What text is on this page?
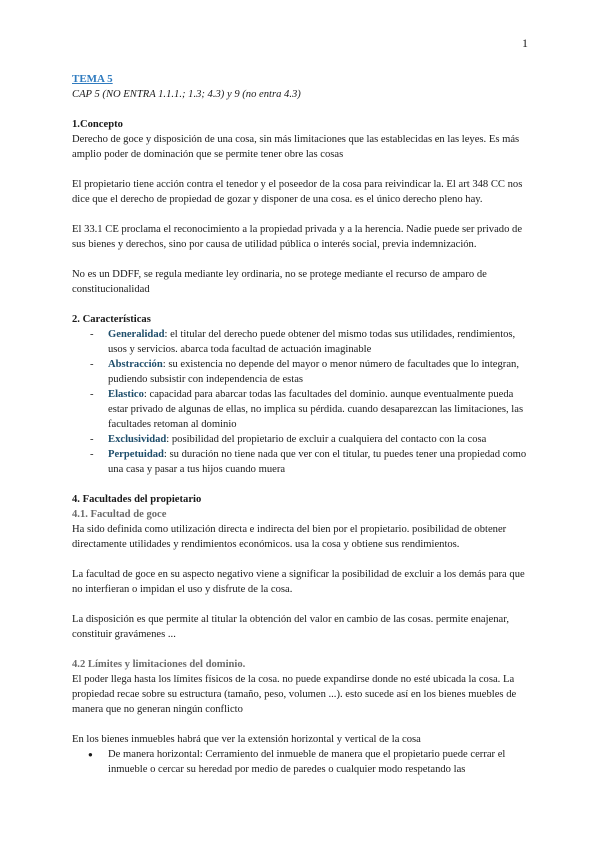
1

TEMA 5

CAP 5 (NO ENTRA 1.1.1.; 1.3; 4.3) y 9 (no entra 4.3)

1.Concepto

Derecho de goce y disposición de una cosa, sin más limitaciones que las establecidas en las leyes. Es más amplio poder de dominación que se permite tener obre las cosas

El propietario tiene acción contra el tenedor y el poseedor de la cosa para reivindicar la. El art 348 CC nos dice que el derecho de propiedad de gozar y disponer de una cosa. es el único derecho pleno hay.

El 33.1 CE proclama el reconocimiento a la propiedad privada y a la herencia. Nadie puede ser privado de sus bienes y derechos, sino por causa de utilidad pública o interés social, previa indemnización.

No es un DDFF, se regula mediante ley ordinaria, no se protege mediante el recurso de amparo de constitucionalidad

2. Características

- Generalidad: el titular del derecho puede obtener del mismo todas sus utilidades, rendimientos, usos y servicios. abarca toda facultad de actuación imaginable
- Abstracción: su existencia no depende del mayor o menor número de facultades que lo integran, pudiendo subsistir con independencia de estas
- Elastico: capacidad para abarcar todas las facultades del dominio. aunque eventualmente pueda estar privado de algunas de ellas, no implica su pérdida. cuando desaparezcan las limitaciones, las facultades retoman al dominio
- Exclusividad: posibilidad del propietario de excluir a cualquiera del contacto con la cosa
- Perpetuidad: su duración no tiene nada que ver con el titular, tu puedes tener una propiedad como una casa y pasar a tus hijos cuando muera

4. Facultades del propietario

4.1. Facultad de goce

Ha sido definida como utilización directa e indirecta del bien por el propietario. posibilidad de obtener directamente utilidades y rendimientos económicos. usa la cosa y obtiene sus rendimientos.

La facultad de goce en su aspecto negativo viene a significar la posibilidad de excluir a los demás para que no interfieran o impidan el uso y disfrute de la cosa.

La disposición es que permite al titular la obtención del valor en cambio de las cosas. permite enajenar, constituir gravámenes ...

4.2 Límites y limitaciones del dominio.

El poder llega hasta los límites físicos de la cosa. no puede expandirse donde no esté ubicada la cosa. La propiedad recae sobre su estructura (tamaño, peso, volumen ...). esto sucede así en los bienes muebles de manera que no generan ningún conflicto

En los bienes inmuebles habrá que ver la extensión horizontal y vertical de la cosa

● De manera horizontal: Cerramiento del inmueble de manera que el propietario puede cerrar el inmueble o cercar su heredad por medio de paredes o cualquier modo respetando las
